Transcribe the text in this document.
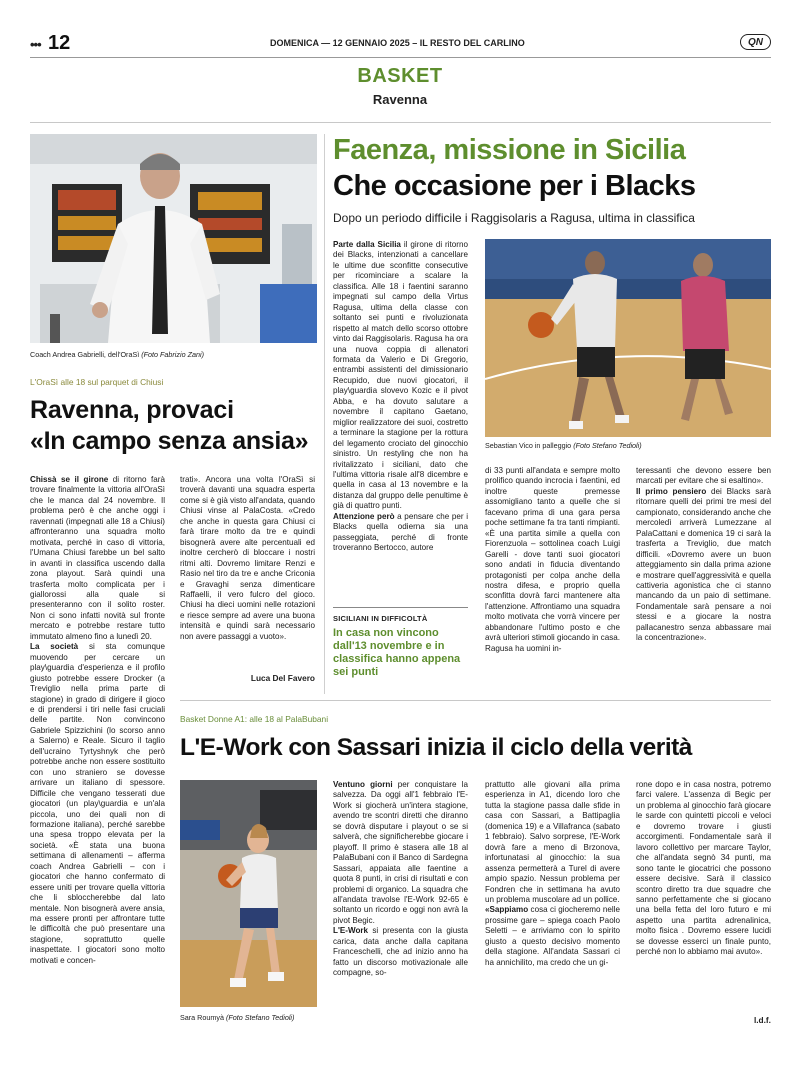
••• 12	DOMENICA — 12 GENNAIO 2025 – IL RESTO DEL CARLINO	QN
BASKET
Ravenna
Coach Andrea Gabrielli, dell'OraSì (Foto Fabrizio Zani)
L'OraSì alle 18 sul parquet di Chiusi
Ravenna, provaci
«In campo senza ansia»
Chissà se il girone di ritorno farà trovare finalmente la vittoria all'OraSì che le manca dal 24 novembre. Il problema però è che anche oggi i ravennati (impegnati alle 18 a Chiusi) affronteranno una squadra molto motivata, perché in caso di vittoria, l'Umana Chiusi farebbe un bel salto in avanti in classifica uscendo dalla zona playout. Sarà quindi una trasferta molto complicata per i giallorossi alla quale si presenteranno con il solito roster. Non ci sono infatti novità sul fronte mercato e potrebbe restare tutto immutato almeno fino a lunedì 20.
La società si sta comunque muovendo per cercare un play\guardia d'esperienza e il profilo giusto potrebbe essere Drocker (a Treviglio nella prima parte di stagione) in grado di dirigere il gioco e di prendersi i tiri nelle fasi cruciali delle partite. Non convincono Gabriele Spizzichini (lo scorso anno a Salerno) e Reale. Sicuro il taglio dell'ucraino Tyrtyshnyk che però potrebbe anche non essere sostituito con uno straniero se dovesse arrivare un italiano di spessore. Difficile che vengano tesserati due giocatori (un play\guardia e un'ala piccola, uno dei quali non di formazione italiana), perché sarebbe una spesa troppo elevata per la società. «È stata una buona settimana di allenamenti – afferma coach Andrea Gabrielli – con i giocatori che hanno confermato di essere uniti per trovare quella vittoria che li sbloccherebbe dal lato mentale. Non bisognerà avere ansia, ma essere pronti per affrontare tutte le difficoltà che può presentare una stagione, soprattutto quelle inaspettate. I giocatori sono molto motivati e concen-
trati». Ancora una volta l'OraSì si troverà davanti una squadra esperta come si è già visto all'andata, quando Chiusi vinse al PalaCosta. «Credo che anche in questa gara Chiusi ci farà tirare molto da tre e quindi bisognerà avere alte percentuali ed inoltre cercherò di bloccare i nostri ritmi alti. Dovremo limitare Renzi e Rasio nel tiro da tre e anche Criconia e Gravaghi senza dimenticare Raffaelli, il vero fulcro del gioco. Chiusi ha dieci uomini nelle rotazioni e riesce sempre ad avere una buona intensità e quindi sarà necessario non avere passaggi a vuoto».
Luca Del Favero
Faenza, missione in Sicilia
Che occasione per i Blacks
Dopo un periodo difficile i Raggisolaris a Ragusa, ultima in classifica
Parte dalla Sicilia il girone di ritorno dei Blacks, intenzionati a cancellare le ultime due sconfitte consecutive per ricominciare a scalare la classifica. Alle 18 i faentini saranno impegnati sul campo della Virtus Ragusa, ultima della classe con soltanto sei punti e rivoluzionata rispetto al match dello scorso ottobre vinto dai Raggisolaris. Ragusa ha ora una nuova coppia di allenatori formata da Valerio e Di Gregorio, entrambi assistenti del dimissionario Recupido, due nuovi giocatori, il play\guardia slovevo Kozic e il pivot Abba, e ha dovuto salutare a novembre il capitano Gaetano, miglior realizzatore dei suoi, costretto a terminare la stagione per la rottura del legamento crociato del ginocchio sinistro. Un restyling che non ha rivitalizzato i siciliani, dato che l'ultima vittoria risale all'8 dicembre e quella in casa al 13 novembre e la distanza dal gruppo delle penultime è già di quattro punti.
Attenzione però a pensare che per i Blacks quella odierna sia una passeggiata, perché di fronte troveranno Bertocco, autore
SICILIANI IN DIFFICOLTÀ
In casa non vincono dall'13 novembre e in classifica hanno appena sei punti
Sebastian Vico in palleggio (Foto Stefano Tedioli)
di 33 punti all'andata e sempre molto prolifico quando incrocia i faentini, ed inoltre queste premesse assomigliano tanto a quelle che si facevano prima di una gara persa poche settimane fa tra tanti rimpianti. «È una partita simile a quella con Fiorenzuola – sottolinea coach Luigi Garelli - dove tanti suoi giocatori sono andati in fiducia diventando protagonisti per colpa anche della nostra difesa, e proprio quella sconfitta dovrà farci mantenere alta l'attenzione. Affrontiamo una squadra molto motivata che vorrà vincere per abbandonare l'ultimo posto e che avrà ulteriori stimoli giocando in casa. Ragusa ha uomini in-
teressanti che devono essere ben marcati per evitare che si esaltino».
Il primo pensiero dei Blacks sarà ritornare quelli dei primi tre mesi del campionato, considerando anche che mercoledì arriverà Lumezzane al PalaCattani e domenica 19 ci sarà la trasferta a Treviglio, due match difficili. «Dovremo avere un buon atteggiamento sin dalla prima azione e mostrare quell'aggressività e quella cattiveria agonistica che ci stanno mancando da un paio di settimane. Fondamentale sarà pensare a noi stessi e a giocare la nostra pallacanestro senza abbassare mai la concentrazione».
Basket Donne A1: alle 18 al PalaBubani
L'E-Work con Sassari inizia il ciclo della verità
Sara Roumyà (Foto Stefano Tedioli)
Ventuno giorni per conquistare la salvezza. Da oggi all'1 febbraio l'E-Work si giocherà un'intera stagione, avendo tre scontri diretti che diranno se dovrà disputare i playout o se si salverà, che significherebbe giocare i playoff. Il primo è stasera alle 18 al PalaBubani con il Banco di Sardegna Sassari, appaiata alle faentine a quota 8 punti, in crisi di risultati e con problemi di organico. La squadra che all'andata travolse l'E-Work 92-65 è soltanto un ricordo e oggi non avrà la pivot Begic.
L'E-Work si presenta con la giusta carica, data anche dalla capitana Franceschelli, che ad inizio anno ha fatto un discorso motivazionale alle compagne, so-
prattutto alle giovani alla prima esperienza in A1, dicendo loro che tutta la stagione passa dalle sfide in casa con Sassari, a Battipaglia (domenica 19) e a Villafranca (sabato 1 febbraio). Salvo sorprese, l'E-Work dovrà fare a meno di Brzonova, infortunatasi al ginocchio: la sua assenza permetterà a Turel di avere ampio spazio. Nessun problema per Fondren che in settimana ha avuto un problema muscolare ad un pollice.
«Sappiamo cosa ci giocheremo nelle prossime gare – spiega coach Paolo Seletti – e arriviamo con lo spirito giusto a questo decisivo momento della stagione. All'andata Sassari ci ha annichilito, ma credo che un gi-
rone dopo e in casa nostra, potremo farci valere. L'assenza di Begic per un problema al ginocchio farà giocare le sarde con quintetti piccoli e veloci e dovremo trovare i giusti accorgimenti. Fondamentale sarà il lavoro collettivo per marcare Taylor, che all'andata segnò 34 punti, ma sono tante le giocatrici che possono essere decisive. Sarà il classico scontro diretto tra due squadre che sanno perfettamente che si giocano una bella fetta del loro futuro e mi aspetto una partita adrenalinica, molto fisica . Dovremo essere lucidi se dovesse esserci un finale punto, perché non lo abbiamo mai avuto».
l.d.f.
